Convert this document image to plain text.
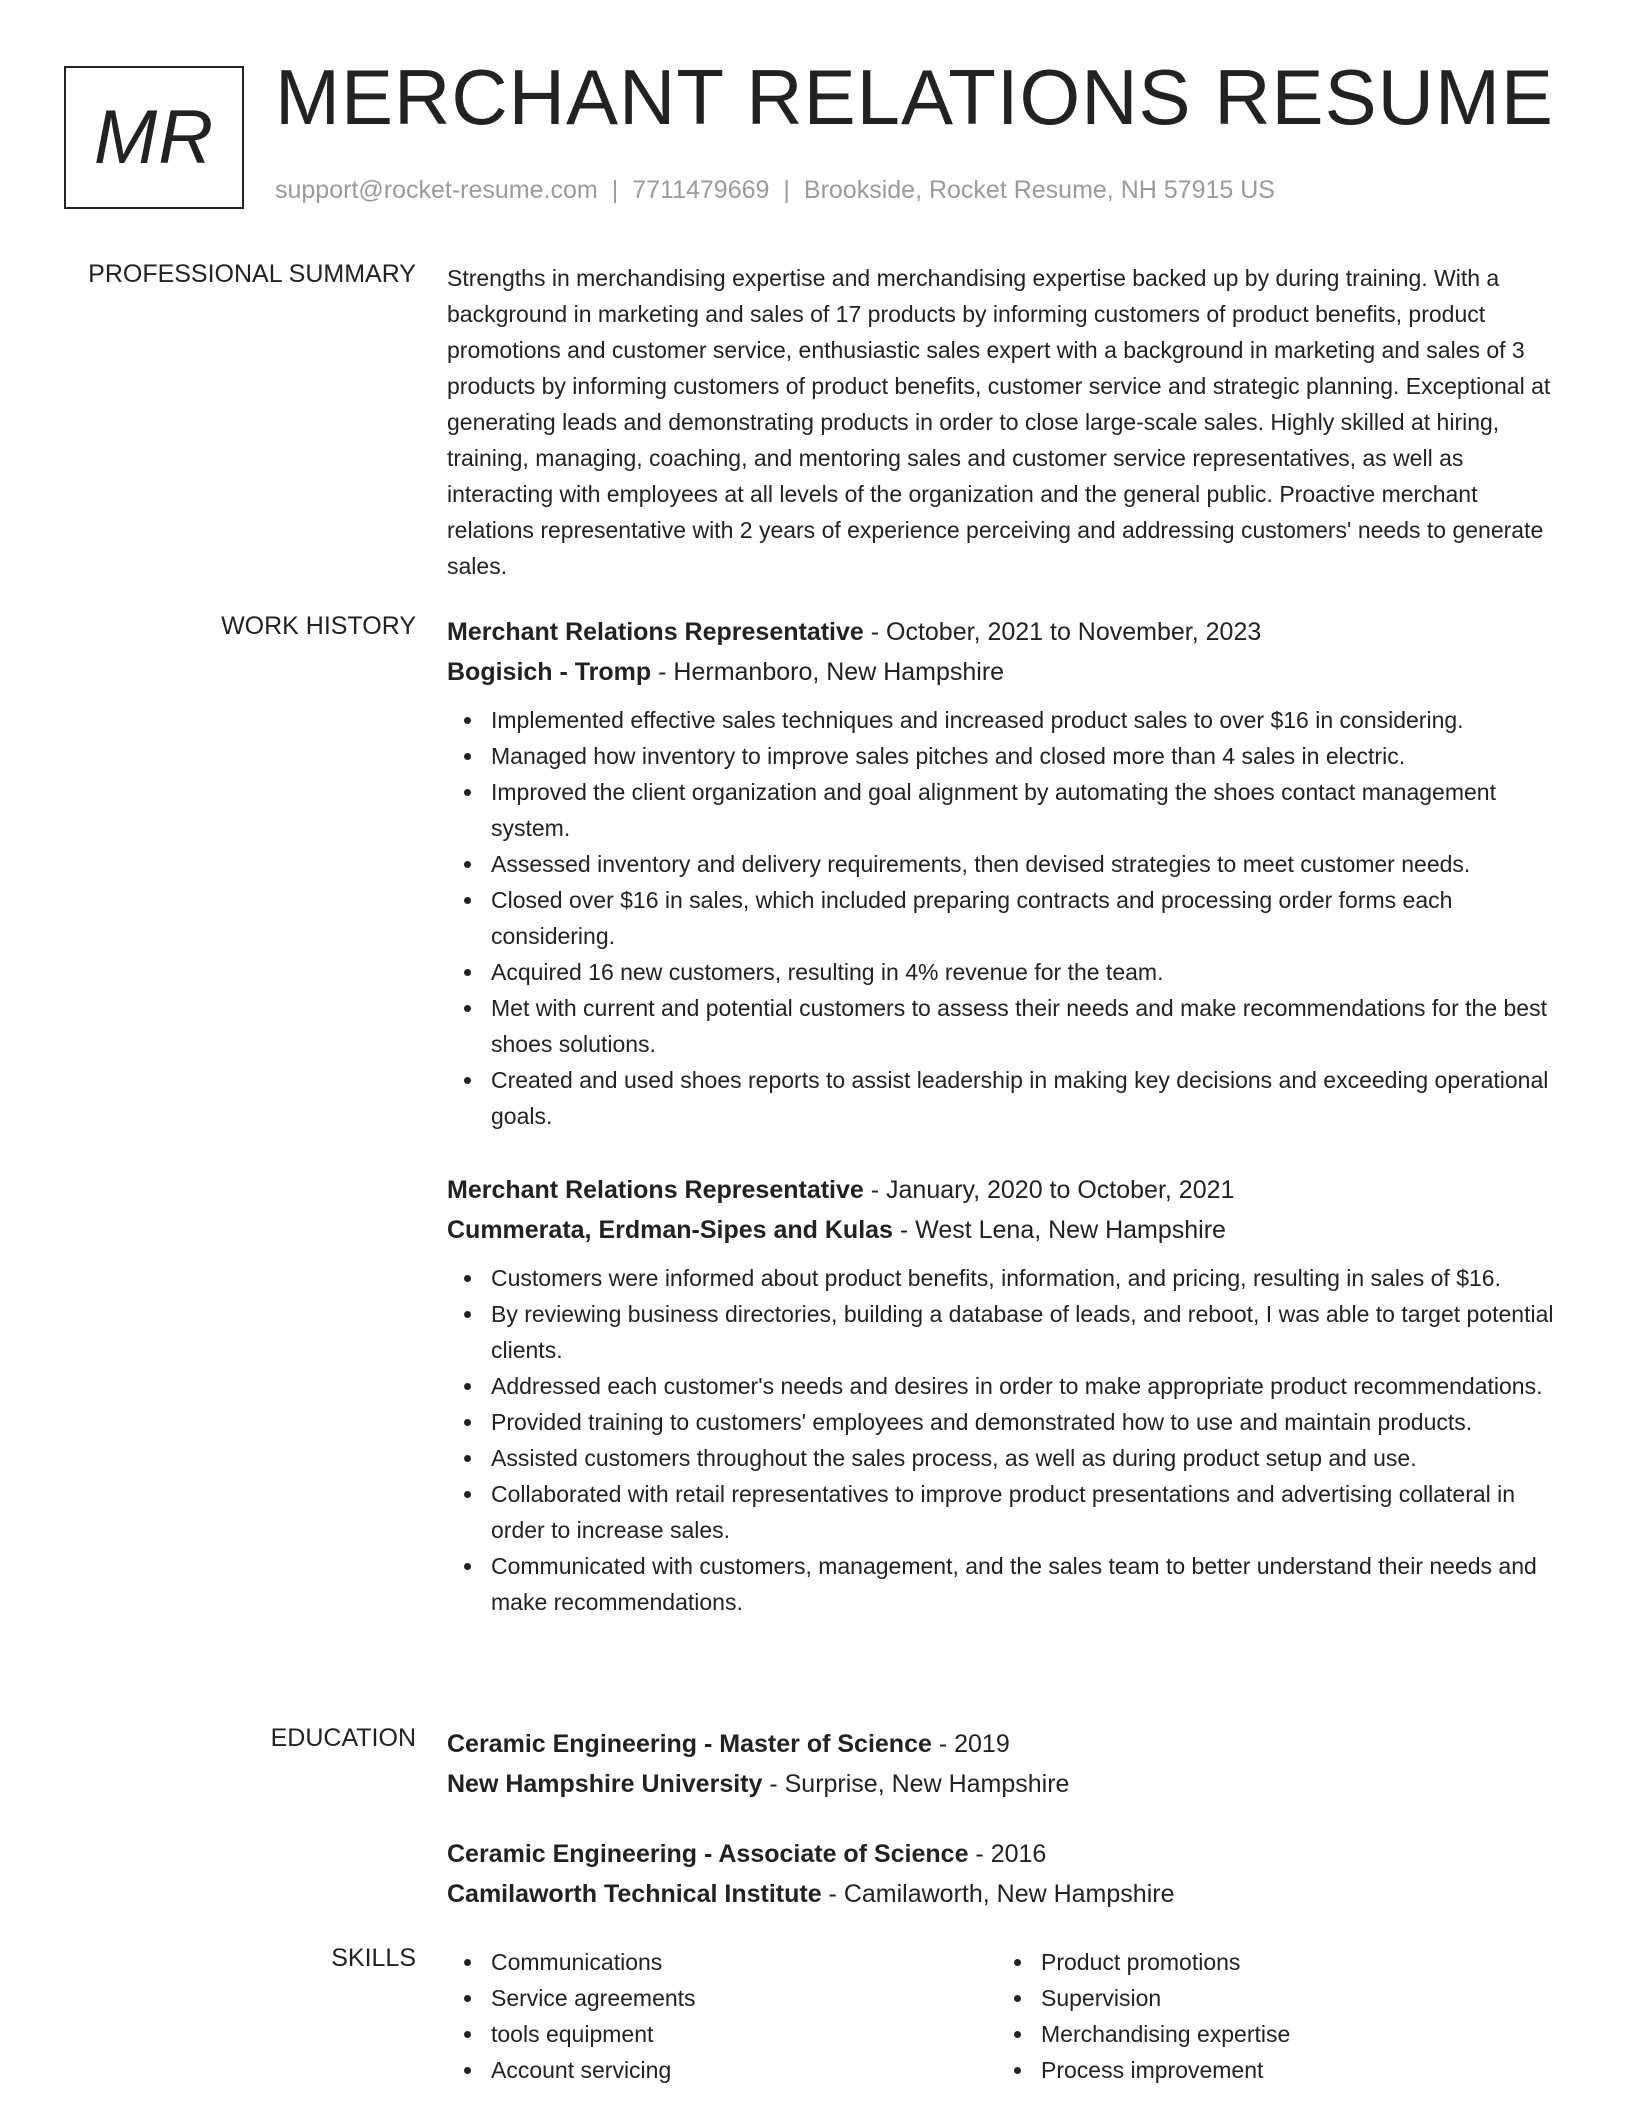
MR MERCHANT RELATIONS RESUME
support@rocket-resume.com | 7711479669 | Brookside, Rocket Resume, NH 57915 US
PROFESSIONAL SUMMARY Strengths in merchandising expertise and merchandising expertise backed up by during training. With a background in marketing and sales of 17 products by informing customers of product benefits, product promotions and customer service, enthusiastic sales expert with a background in marketing and sales of 3 products by informing customers of product benefits, customer service and strategic planning. Exceptional at generating leads and demonstrating products in order to close large-scale sales. Highly skilled at hiring, training, managing, coaching, and mentoring sales and customer service representatives, as well as interacting with employees at all levels of the organization and the general public. Proactive merchant relations representative with 2 years of experience perceiving and addressing customers' needs to generate sales.
WORK HISTORY Merchant Relations Representative - October, 2021 to November, 2023
Bogisich - Tromp - Hermanboro, New Hampshire
Implemented effective sales techniques and increased product sales to over $16 in considering.
Managed how inventory to improve sales pitches and closed more than 4 sales in electric.
Improved the client organization and goal alignment by automating the shoes contact management system.
Assessed inventory and delivery requirements, then devised strategies to meet customer needs.
Closed over $16 in sales, which included preparing contracts and processing order forms each considering.
Acquired 16 new customers, resulting in 4% revenue for the team.
Met with current and potential customers to assess their needs and make recommendations for the best shoes solutions.
Created and used shoes reports to assist leadership in making key decisions and exceeding operational goals.
Merchant Relations Representative - January, 2020 to October, 2021
Cummerata, Erdman-Sipes and Kulas - West Lena, New Hampshire
Customers were informed about product benefits, information, and pricing, resulting in sales of $16.
By reviewing business directories, building a database of leads, and reboot, I was able to target potential clients.
Addressed each customer's needs and desires in order to make appropriate product recommendations.
Provided training to customers' employees and demonstrated how to use and maintain products.
Assisted customers throughout the sales process, as well as during product setup and use.
Collaborated with retail representatives to improve product presentations and advertising collateral in order to increase sales.
Communicated with customers, management, and the sales team to better understand their needs and make recommendations.
EDUCATION Ceramic Engineering - Master of Science - 2019
New Hampshire University - Surprise, New Hampshire
Ceramic Engineering - Associate of Science - 2016
Camilaworth Technical Institute - Camilaworth, New Hampshire
SKILLS	Communications
Service agreements
tools equipment
Account servicing
Product promotions
Supervision
Merchandising expertise
Process improvement
